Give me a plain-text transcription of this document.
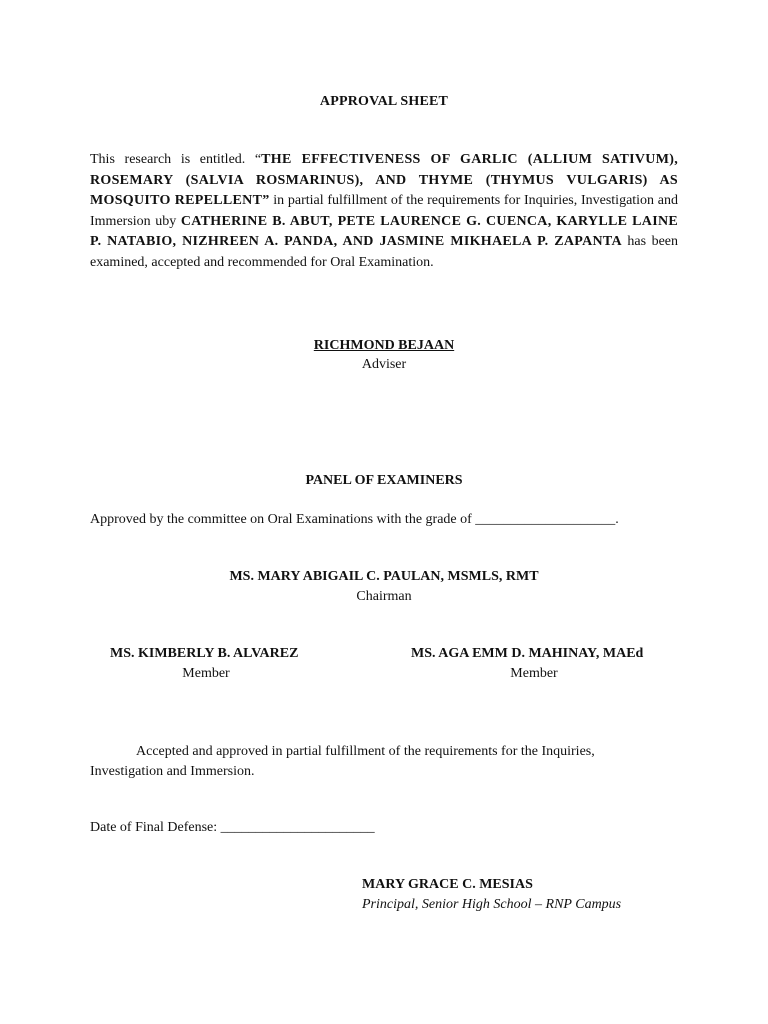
APPROVAL SHEET
This research is entitled. “THE EFFECTIVENESS OF GARLIC (ALLIUM SATIVUM), ROSEMARY (SALVIA ROSMARINUS), AND THYME (THYMUS VULGARIS) AS MOSQUITO REPELLENT” in partial fulfillment of the requirements for Inquiries, Investigation and Immersion uby CATHERINE B. ABUT, PETE LAURENCE G. CUENCA, KARYLLE LAINE P. NATABIO, NIZHREEN A. PANDA, AND JASMINE MIKHAELA P. ZAPANTA has been examined, accepted and recommended for Oral Examination.
RICHMOND BEJAAN
Adviser
PANEL OF EXAMINERS
Approved by the committee on Oral Examinations with the grade of ____________________.
MS. MARY ABIGAIL C. PAULAN, MSMLS, RMT
Chairman
MS. KIMBERLY B. ALVAREZ
Member
MS. AGA EMM D. MAHINAY, MAEd
Member
Accepted and approved in partial fulfillment of the requirements for the Inquiries, Investigation and Immersion.
Date of Final Defense: ______________________
MARY GRACE C. MESIAS
Principal, Senior High School – RNP Campus
